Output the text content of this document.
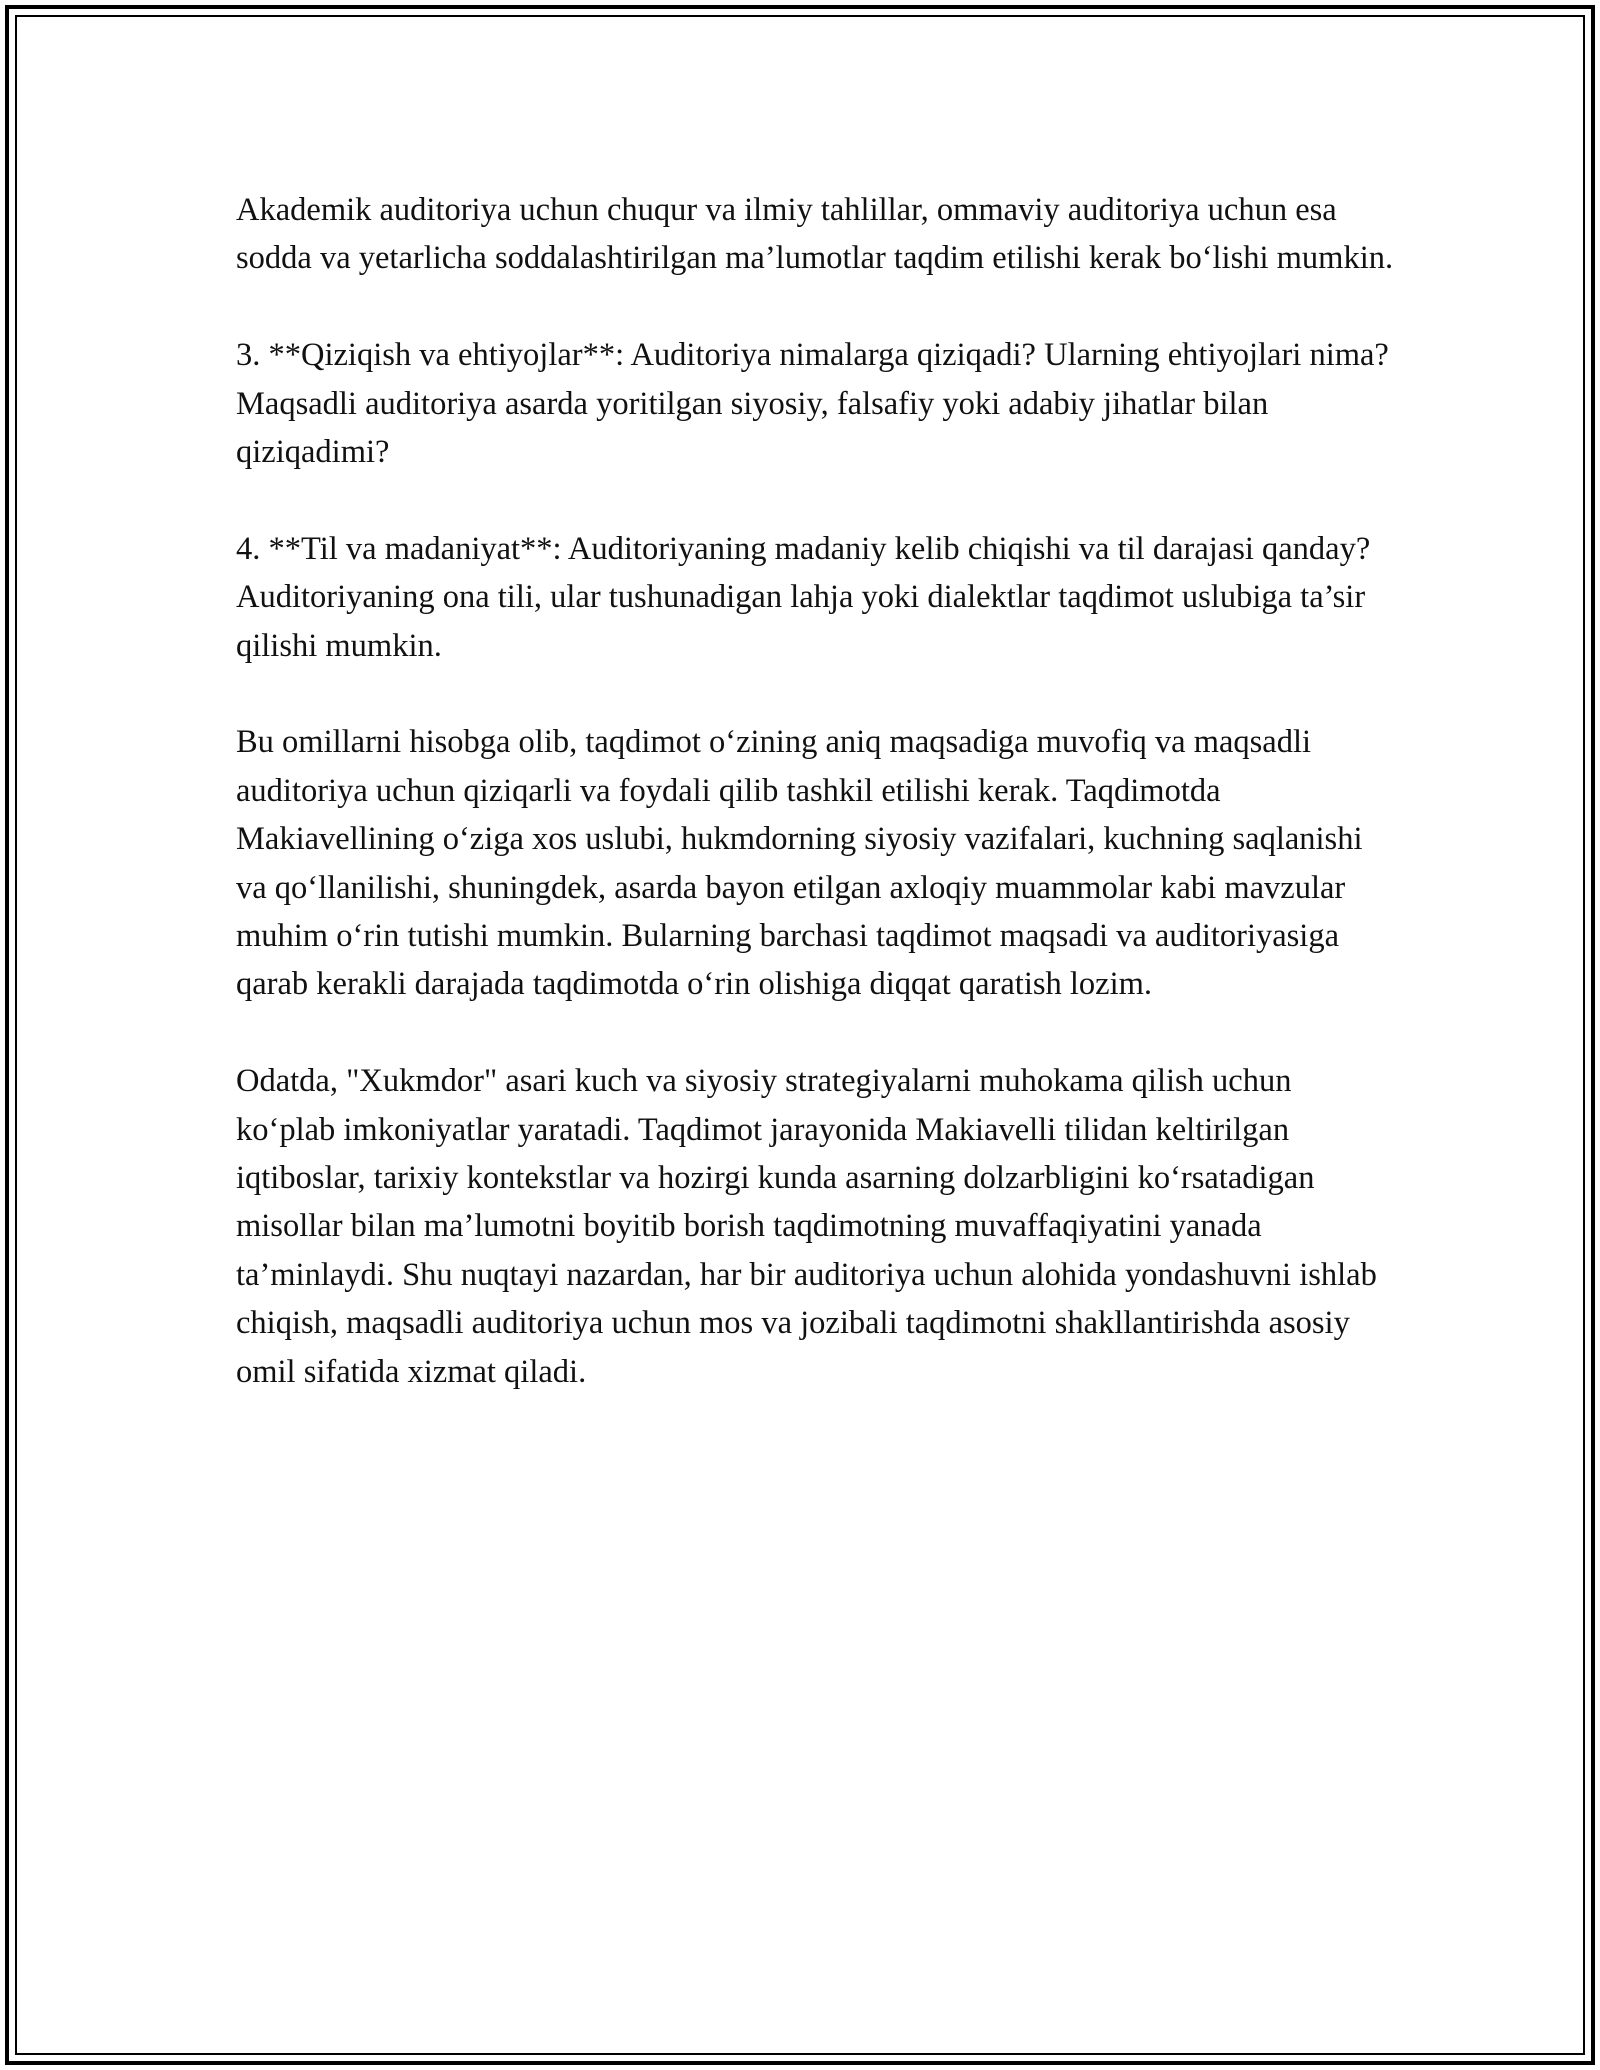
Akademik auditoriya uchun chuqur va ilmiy tahlillar, ommaviy auditoriya uchun esa sodda va yetarlicha soddalashtirilgan ma’lumotlar taqdim etilishi kerak bo‘lishi mumkin.

3. **Qiziqish va ehtiyojlar**: Auditoriya nimalarga qiziqadi? Ularning ehtiyojlari nima? Maqsadli auditoriya asarda yoritilgan siyosiy, falsafiy yoki adabiy jihatlar bilan qiziqadimi?

4. **Til va madaniyat**: Auditoriyaning madaniy kelib chiqishi va til darajasi qanday? Auditoriyaning ona tili, ular tushunadigan lahja yoki dialektlar taqdimot uslubiga ta’sir qilishi mumkin.

Bu omillarni hisobga olib, taqdimot o‘zining aniq maqsadiga muvofiq va maqsadli auditoriya uchun qiziqarli va foydali qilib tashkil etilishi kerak. Taqdimotda Makiavellining o‘ziga xos uslubi, hukmdorning siyosiy vazifalari, kuchning saqlanishi va qo‘llanilishi, shuningdek, asarda bayon etilgan axloqiy muammolar kabi mavzular muhim o‘rin tutishi mumkin. Bularning barchasi taqdimot maqsadi va auditoriyasiga qarab kerakli darajada taqdimotda o‘rin olishiga diqqat qaratish lozim.

Odatda, "Xukmdor" asari kuch va siyosiy strategiyalarni muhokama qilish uchun ko‘plab imkoniyatlar yaratadi. Taqdimot jarayonida Makiavelli tilidan keltirilgan iqtiboslar, tarixiy kontekstlar va hozirgi kunda asarning dolzarbligini ko‘rsatadigan misollar bilan ma’lumotni boyitib borish taqdimotning muvaffaqiyatini yanada ta’minlaydi. Shu nuqtayi nazardan, har bir auditoriya uchun alohida yondashuvni ishlab chiqish, maqsadli auditoriya uchun mos va jozibali taqdimotni shakllantirishda asosiy omil sifatida xizmat qiladi.
